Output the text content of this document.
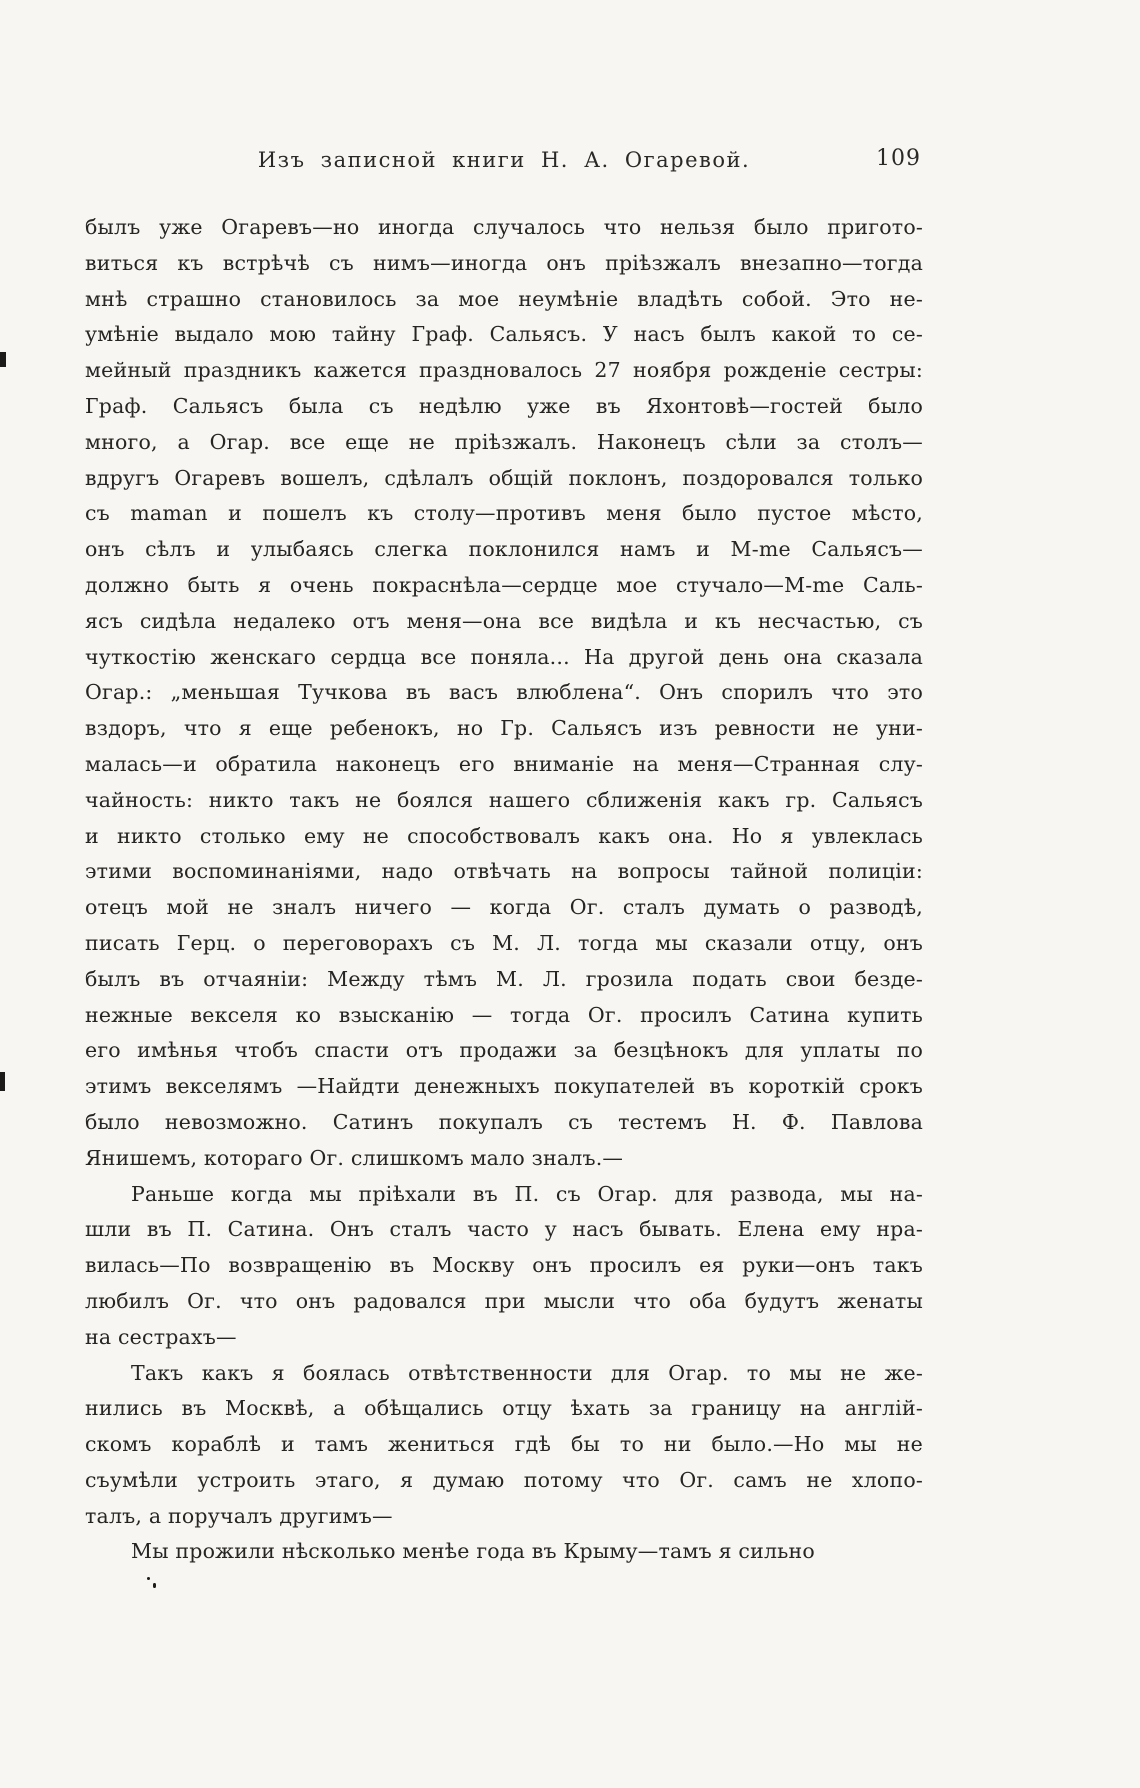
Изъ записной книги Н. А. Огаревой.	109
былъ уже Огаревъ—но иногда случалось что нельзя было пригото-
виться къ встрѣчѣ съ нимъ—иногда онъ пріѣзжалъ внезапно—тогда
мнѣ страшно становилось за мое неумѣніе владѣть собой. Это не-
умѣніе выдало мою тайну Граф. Сальясъ. У насъ былъ какой то се-
мейный праздникъ кажется праздновалось 27 ноября рожденіе сестры:
Граф. Сальясъ была съ недѣлю уже въ Яхонтовѣ—гостей было
много, а Огар. все еще не пріѣзжалъ. Наконецъ сѣли за столъ—
вдругъ Огаревъ вошелъ, сдѣлалъ общій поклонъ, поздоровался только
съ maman и пошелъ къ столу—противъ меня было пустое мѣсто,
онъ сѣлъ и улыбаясь слегка поклонился намъ и M-me Сальясъ—
должно быть я очень покраснѣла—сердце мое стучало—M-me Саль-
ясъ сидѣла недалеко отъ меня—она все видѣла и къ несчастью, съ
чуткостію женскаго сердца все поняла... На другой день она сказала
Огар.: „меньшая Тучкова въ васъ влюблена“. Онъ спорилъ что это
вздоръ, что я еще ребенокъ, но Гр. Сальясъ изъ ревности не уни-
малась—и обратила наконецъ его вниманіе на меня—Странная слу-
чайность: никто такъ не боялся нашего сближенія какъ гр. Сальясъ
и никто столько ему не способствовалъ какъ она. Но я увлеклась
этими воспоминаніями, надо отвѣчать на вопросы тайной полиціи:
отецъ мой не зналъ ничего — когда Ог. сталъ думать о разводѣ,
писать Герц. о переговорахъ съ М. Л. тогда мы сказали отцу, онъ
былъ въ отчаяніи: Между тѣмъ М. Л. грозила подать свои безде-
нежные векселя ко взысканію — тогда Ог. просилъ Сатина купить
его имѣнья чтобъ спасти отъ продажи за безцѣнокъ для уплаты по
этимъ векселямъ —Найдти денежныхъ покупателей въ короткій срокъ
было невозможно. Сатинъ покупалъ съ тестемъ Н. Ф. Павлова
Янишемъ, котораго Ог. слишкомъ мало зналъ.—
Раньше когда мы пріѣхали въ П. съ Огар. для развода, мы на-
шли въ П. Сатина. Онъ сталъ часто у насъ бывать. Елена ему нра-
вилась—По возвращенію въ Москву онъ просилъ ея руки—онъ такъ
любилъ Ог. что онъ радовался при мысли что оба будутъ женаты
на сестрахъ—
Такъ какъ я боялась отвѣтственности для Огар. то мы не же-
нились въ Москвѣ, а обѣщались отцу ѣхать за границу на англій-
скомъ кораблѣ и тамъ жениться гдѣ бы то ни было.—Но мы не
съумѣли устроить этаго, я думаю потому что Ог. самъ не хлопо-
талъ, а поручалъ другимъ—
Мы прожили нѣсколько менѣе года въ Крыму—тамъ я сильно
